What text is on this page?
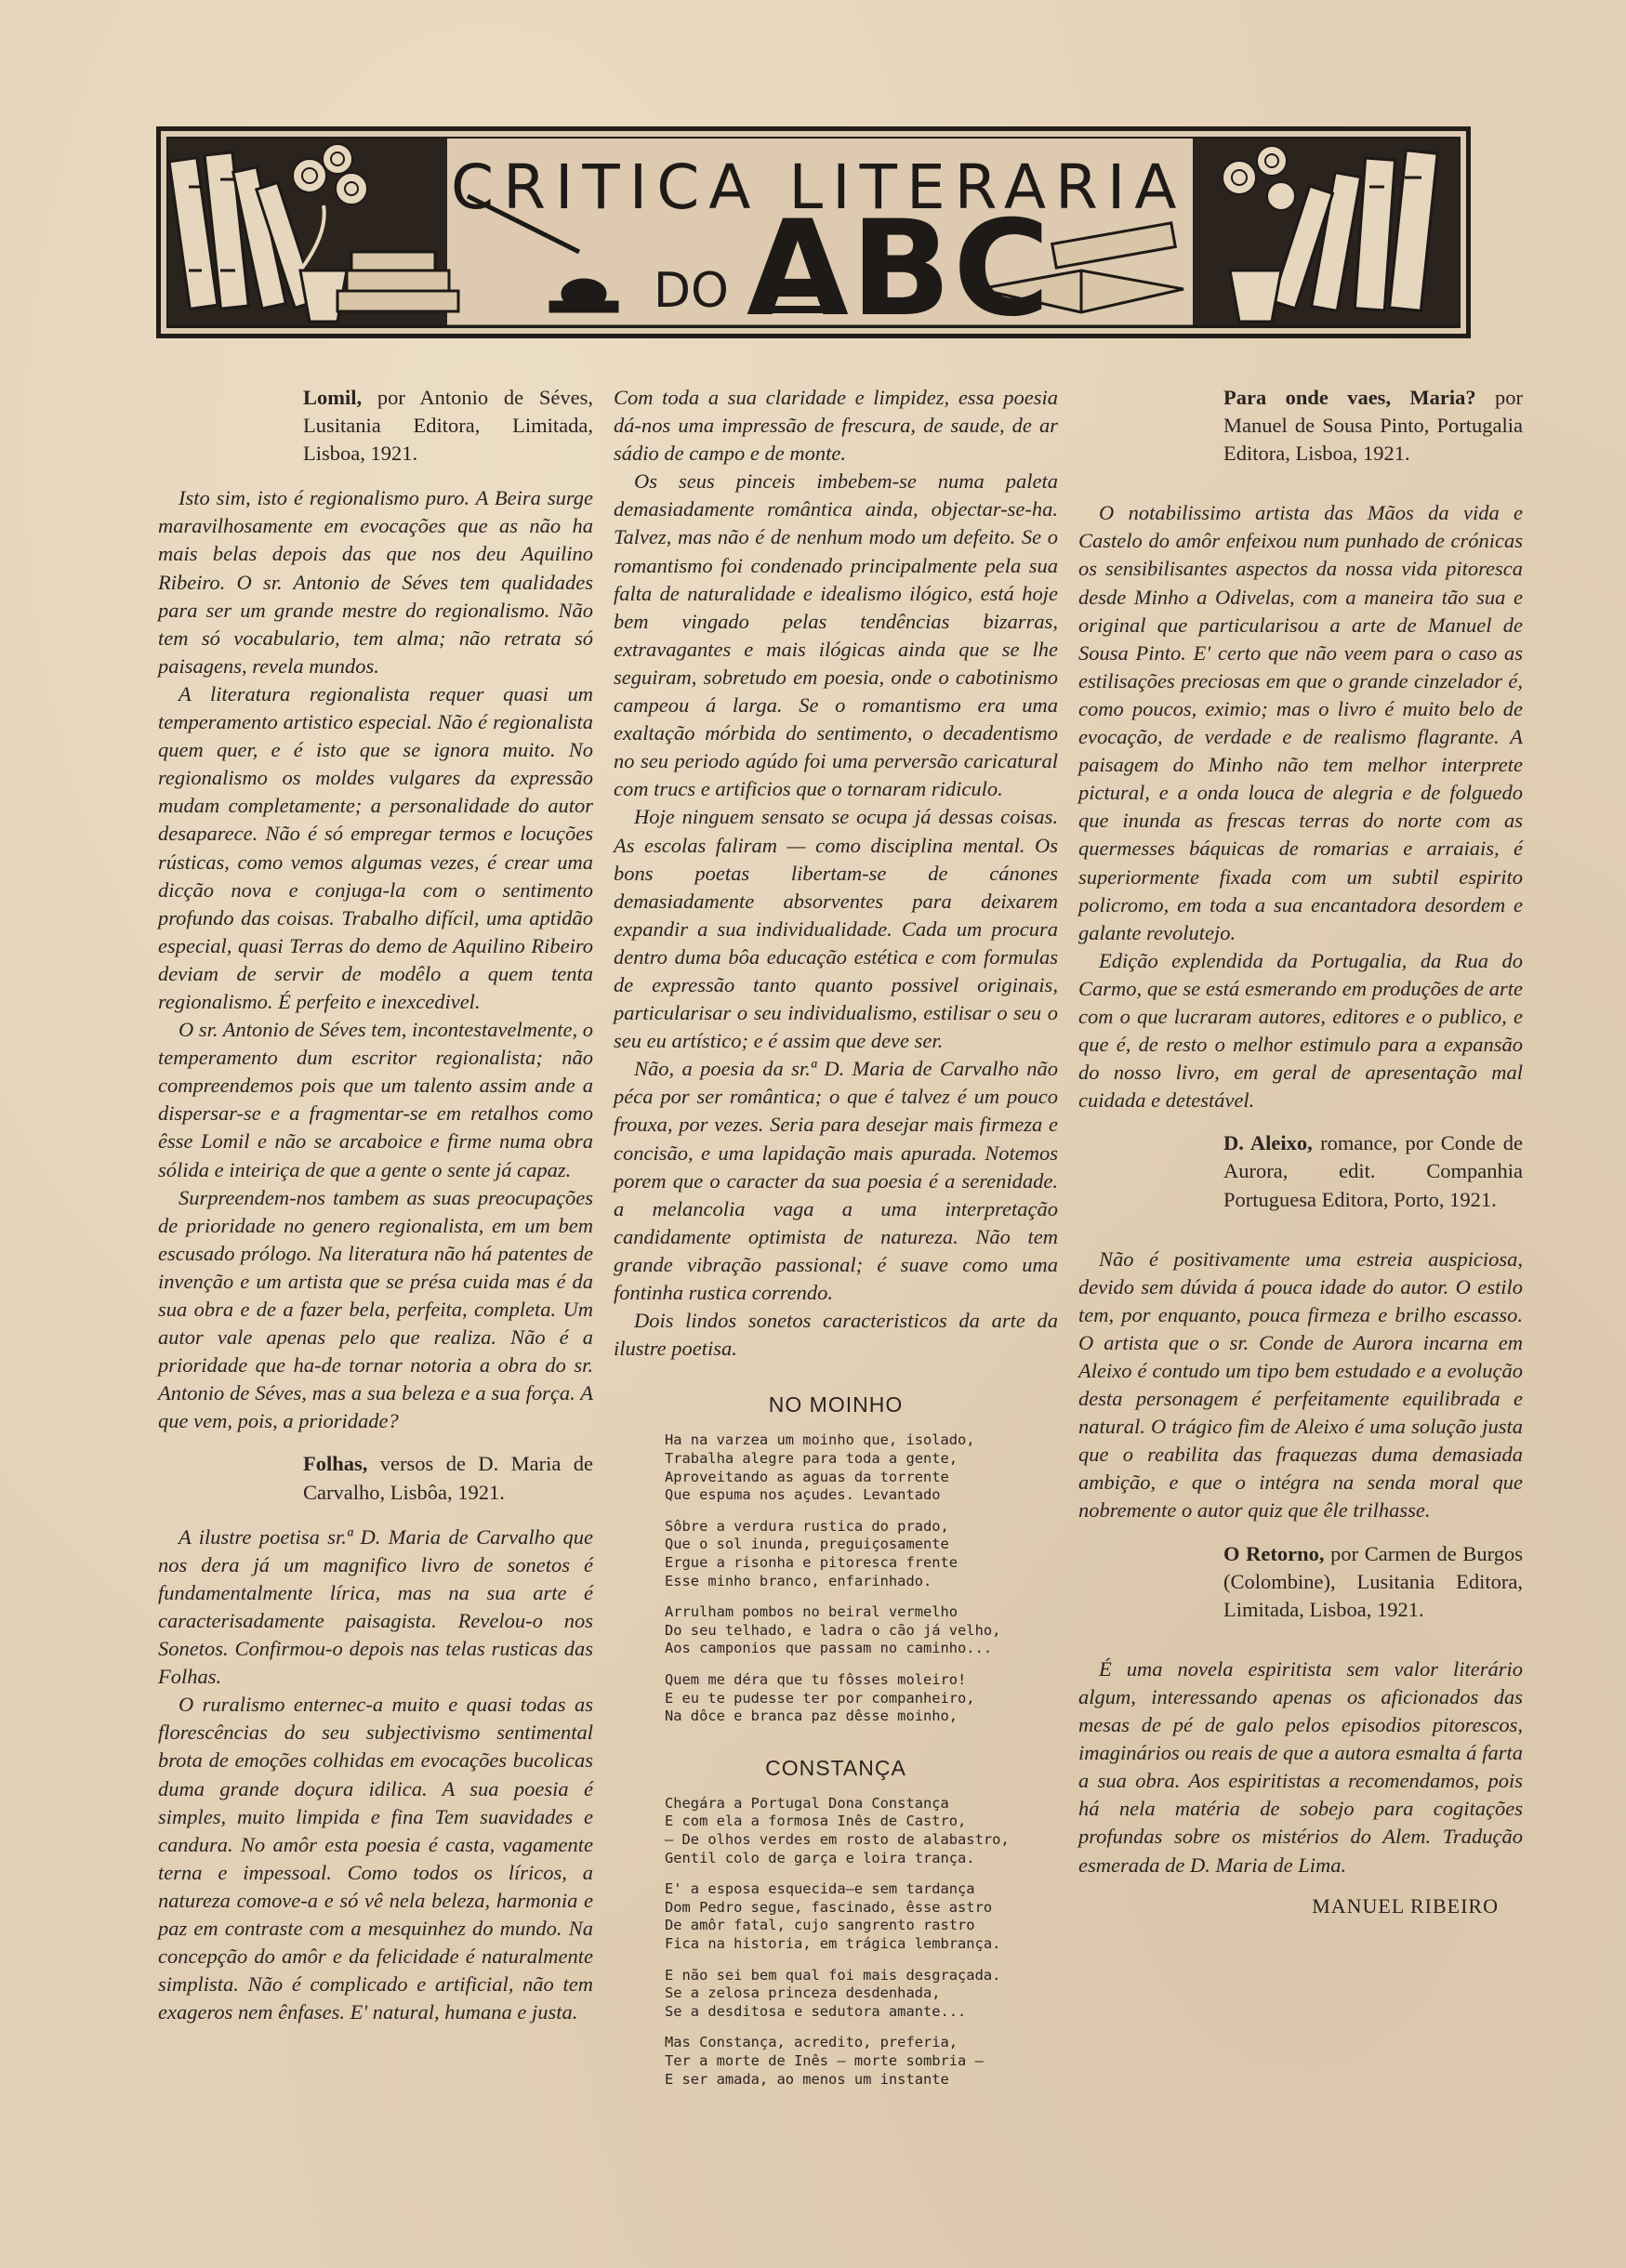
CRITICA LITERARIA
DO ABC

Lomil, por Antonio de Séves, Lusitania Editora, Limitada, Lisboa, 1921.

Isto sim, isto é regionalismo puro. A Beira surge maravilhosamente em evocações que as não ha mais belas depois das que nos deu Aquilino Ribeiro. O sr. Antonio de Séves tem qualidades para ser um grande mestre do regionalismo. Não tem só vocabulario, tem alma; não retrata só paisagens, revela mundos.

A literatura regionalista requer quasi um temperamento artistico especial. Não é regionalista quem quer, e é isto que se ignora muito. No regionalismo os moldes vulgares da expressão mudam completamente; a personalidade do autor desaparece. Não é só empregar termos e locuções rústicas, como vemos algumas vezes, é crear uma dicção nova e conjuga-la com o sentimento profundo das coisas. Trabalho difícil, uma aptidão especial, quasi Terras do demo de Aquilino Ribeiro deviam de servir de modêlo a quem tenta regionalismo. É perfeito e inexcedivel.

O sr. Antonio de Séves tem, incontestavelmente, o temperamento dum escritor regionalista; não compreendemos pois que um talento assim ande a dispersar-se e a fragmentar-se em retalhos como êsse Lomil e não se arcaboice e firme numa obra sólida e inteiriça de que a gente o sente já capaz.

Surpreendem-nos tambem as suas preocupações de prioridade no genero regionalista, em um bem escusado prólogo. Na literatura não há patentes de invenção e um artista que se présa cuida mas é da sua obra e de a fazer bela, perfeita, completa. Um autor vale apenas pelo que realiza. Não é a prioridade que ha-de tornar notoria a obra do sr. Antonio de Séves, mas a sua beleza e a sua força. A que vem, pois, a prioridade?

Folhas, versos de D. Maria de Carvalho, Lisbôa, 1921.

A ilustre poetisa sr.ª D. Maria de Carvalho que nos dera já um magnifico livro de sonetos é fundamentalmente lírica, mas na sua arte é caracterisadamente paisagista. Revelou-o nos Sonetos. Confirmou-o depois nas telas rusticas das Folhas.

O ruralismo enternec-a muito e quasi todas as florescências do seu subjectivismo sentimental brota de emoções colhidas em evocações bucolicas duma grande doçura idilica. A sua poesia é simples, muito limpida e fina Tem suavidades e candura. No amôr esta poesia é casta, vagamente terna e impessoal. Como todos os líricos, a natureza comove-a e só vê nela beleza, harmonia e paz em contraste com a mesquinhez do mundo. Na concepção do amôr e da felicidade é naturalmente simplista. Não é complicado e artificial, não tem exageros nem ênfases. E' natural, humana e justa.

Com toda a sua claridade e limpidez, essa poesia dá-nos uma impressão de frescura, de saude, de ar sádio de campo e de monte.

Os seus pinceis imbebem-se numa paleta demasiadamente romântica ainda, objectar-se-ha. Talvez, mas não é de nenhum modo um defeito. Se o romantismo foi condenado principalmente pela sua falta de naturalidade e idealismo ilógico, está hoje bem vingado pelas tendências bizarras, extravagantes e mais ilógicas ainda que se lhe seguiram, sobretudo em poesia, onde o cabotinismo campeou á larga. Se o romantismo era uma exaltação mórbida do sentimento, o decadentismo no seu periodo agúdo foi uma perversão caricatural com trucs e artificios que o tornaram ridiculo.

Hoje ninguem sensato se ocupa já dessas coisas. As escolas faliram — como disciplina mental. Os bons poetas libertam-se de cánones demasiadamente absorventes para deixarem expandir a sua individualidade. Cada um procura dentro duma bôa educação estética e com formulas de expressão tanto quanto possivel originais, particularisar o seu individualismo, estilisar o seu o seu eu artístico; e é assim que deve ser.

Não, a poesia da sr.ª D. Maria de Carvalho não péca por ser romântica; o que é talvez é um pouco frouxa, por vezes. Seria para desejar mais firmeza e concisão, e uma lapidação mais apurada. Notemos porem que o caracter da sua poesia é a serenidade. a melancolia vaga a uma interpretação candidamente optimista de natureza. Não tem grande vibração passional; é suave como uma fontinha rustica correndo.

Dois lindos sonetos caracteristicos da arte da ilustre poetisa.

NO MOINHO
Ha na varzea um moinho que, isolado,
Trabalha alegre para toda a gente,
Aproveitando as aguas da torrente
Que espuma nos açudes. Levantado
Sôbre a verdura rustica do prado,
Que o sol inunda, preguiçosamente
Ergue a risonha e pitoresca frente
Esse minho branco, enfarinhado.
Arrulham pombos no beiral vermelho
Do seu telhado, e ladra o cão já velho,
Aos camponios que passam no caminho...
Quem me déra que tu fôsses moleiro!
E eu te pudesse ter por companheiro,
Na dôce e branca paz dêsse moinho,
CONSTANÇA
Chegára a Portugal Dona Constança
E com ela a formosa Inês de Castro,
— De olhos verdes em rosto de alabastro,
Gentil colo de garça e loira trança.
E' a esposa esquecida—e sem tardança
Dom Pedro segue, fascinado, êsse astro
De amôr fatal, cujo sangrento rastro
Fica na historia, em trágica lembrança.
E não sei bem qual foi mais desgraçada.
Se a zelosa princeza desdenhada,
Se a desditosa e sedutora amante...
Mas Constança, acredito, preferia,
Ter a morte de Inês — morte sombria —
E ser amada, ao menos um instante

Para onde vaes, Maria? por Manuel de Sousa Pinto, Portugalia Editora, Lisboa, 1921.

O notabilissimo artista das Mãos da vida e Castelo do amôr enfeixou num punhado de crónicas os sensibilisantes aspectos da nossa vida pitoresca desde Minho a Odivelas, com a maneira tão sua e original que particularisou a arte de Manuel de Sousa Pinto. E' certo que não veem para o caso as estilisações preciosas em que o grande cinzelador é, como poucos, eximio; mas o livro é muito belo de evocação, de verdade e de realismo flagrante. A paisagem do Minho não tem melhor interprete pictural, e a onda louca de alegria e de folguedo que inunda as frescas terras do norte com as quermesses báquicas de romarias e arraiais, é superiormente fixada com um subtil espirito policromo, em toda a sua encantadora desordem e galante revolutejo.

Edição explendida da Portugalia, da Rua do Carmo, que se está esmerando em produções de arte com o que lucraram autores, editores e o publico, e que é, de resto o melhor estimulo para a expansão do nosso livro, em geral de apresentação mal cuidada e detestável.

D. Aleixo, romance, por Conde de Aurora, edit. Companhia Portuguesa Editora, Porto, 1921.

Não é positivamente uma estreia auspiciosa, devido sem dúvida á pouca idade do autor. O estilo tem, por enquanto, pouca firmeza e brilho escasso. O artista que o sr. Conde de Aurora incarna em Aleixo é contudo um tipo bem estudado e a evolução desta personagem é perfeitamente equilibrada e natural. O trágico fim de Aleixo é uma solução justa que o reabilita das fraquezas duma demasiada ambição, e que o intégra na senda moral que nobremente o autor quiz que êle trilhasse.

O Retorno, por Carmen de Burgos (Colombine), Lusitania Editora, Limitada, Lisboa, 1921.

É uma novela espiritista sem valor literário algum, interessando apenas os aficionados das mesas de pé de galo pelos episodios pitorescos, imaginários ou reais de que a autora esmalta á farta a sua obra. Aos espiritistas a recomendamos, pois há nela matéria de sobejo para cogitações profundas sobre os mistérios do Alem. Tradução esmerada de D. Maria de Lima.

MANUEL RIBEIRO
